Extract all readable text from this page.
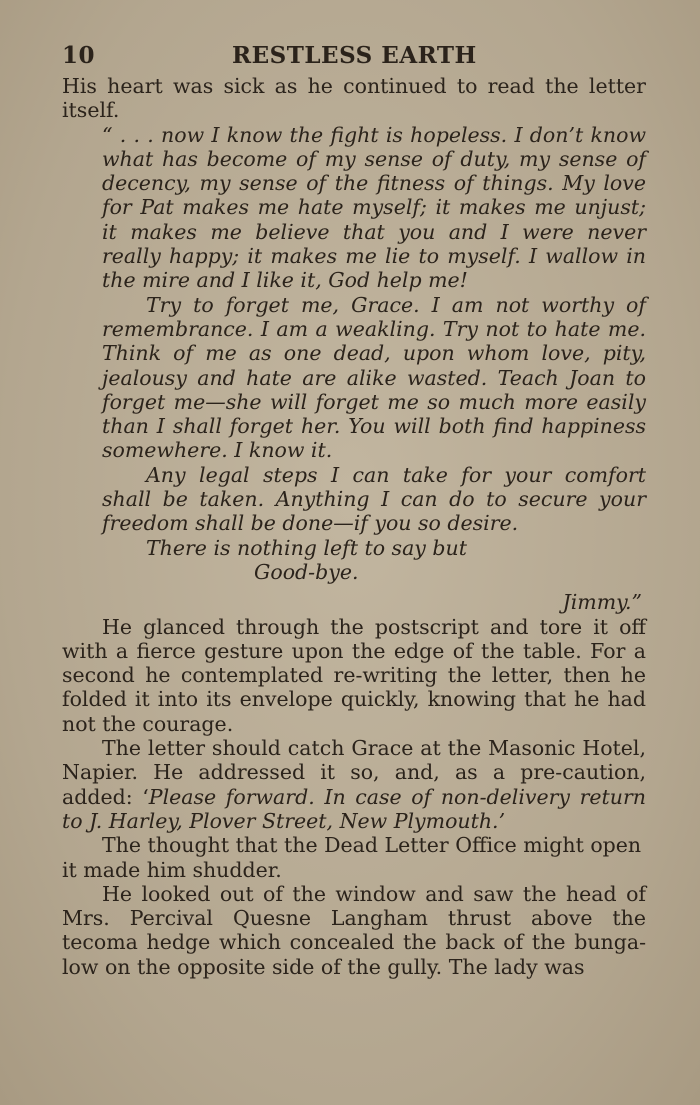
10	RESTLESS EARTH

His heart was sick as he continued to read the letter itself.

“ . . . now I know the fight is hopeless. I don’t know what has become of my sense of duty, my sense of decency, my sense of the fitness of things. My love for Pat makes me hate myself; it makes me unjust; it makes me believe that you and I were never really happy; it makes me lie to myself. I wallow in the mire and I like it, God help me!

Try to forget me, Grace. I am not worthy of remembrance. I am a weakling. Try not to hate me. Think of me as one dead, upon whom love, pity, jealousy and hate are alike wasted. Teach Joan to forget me—she will forget me so much more easily than I shall forget her. You will both find happiness somewhere. I know it.

Any legal steps I can take for your comfort shall be taken. Anything I can do to secure your freedom shall be done—if you so desire.

There is nothing left to say but

Good-bye.

Jimmy.”

He glanced through the postscript and tore it off with a fierce gesture upon the edge of the table. For a second he contemplated re-writing the letter, then he folded it into its envelope quickly, knowing that he had not the courage.

The letter should catch Grace at the Masonic Hotel, Napier. He addressed it so, and, as a pre-caution, added: ‘Please forward. In case of non-delivery return to J. Harley, Plover Street, New Plymouth.’

The thought that the Dead Letter Office might open it made him shudder.

He looked out of the window and saw the head of Mrs. Percival Quesne Langham thrust above the tecoma hedge which concealed the back of the bunga-low on the opposite side of the gully. The lady was
